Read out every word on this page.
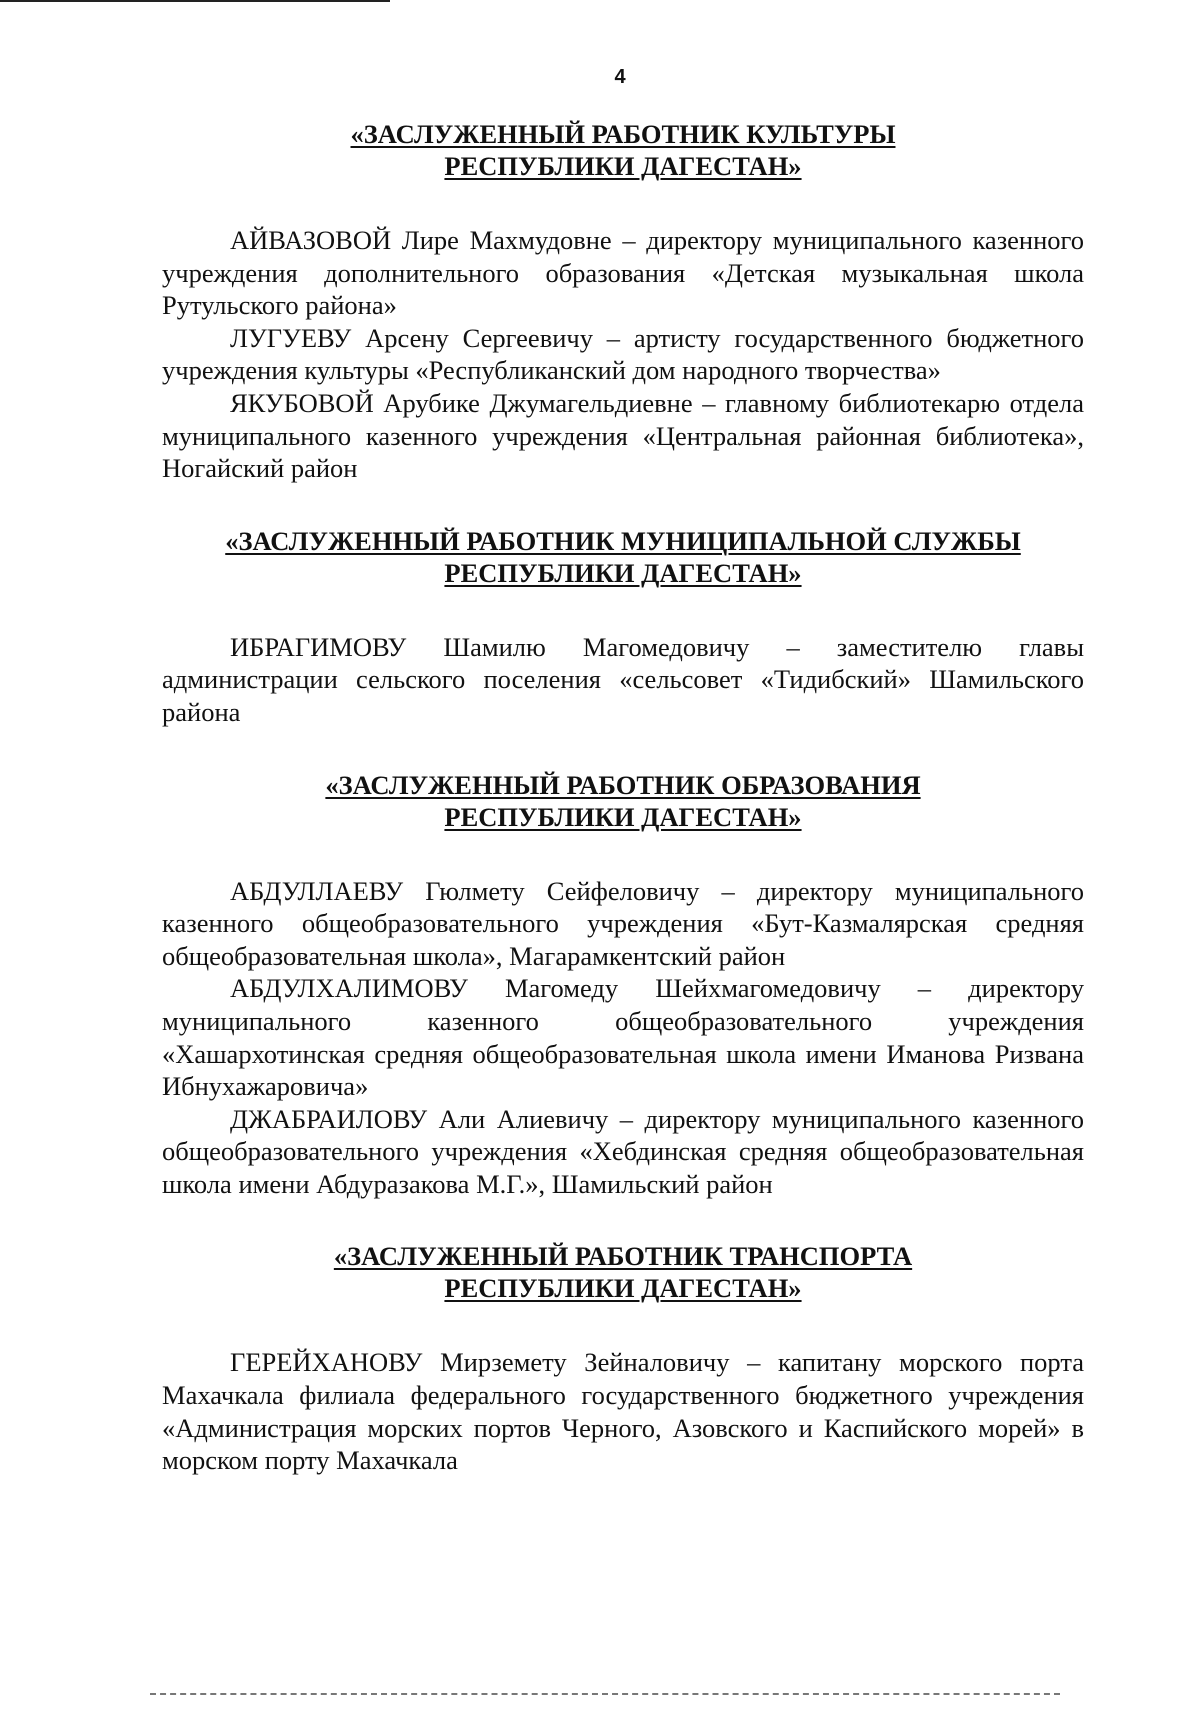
4
«ЗАСЛУЖЕННЫЙ РАБОТНИК КУЛЬТУРЫ
РЕСПУБЛИКИ ДАГЕСТАН»

АЙВАЗОВОЙ Лире Махмудовне – директору муниципального казенного учреждения дополнительного образования «Детская музыкальная школа Рутульского района»

ЛУГУЕВУ Арсену Сергеевичу – артисту государственного бюджетного учреждения культуры «Республиканский дом народного творчества»

ЯКУБОВОЙ Арубике Джумагельдиевне – главному библиотекарю отдела муниципального казенного учреждения «Центральная районная библиотека», Ногайский район

«ЗАСЛУЖЕННЫЙ РАБОТНИК МУНИЦИПАЛЬНОЙ СЛУЖБЫ
РЕСПУБЛИКИ ДАГЕСТАН»

ИБРАГИМОВУ Шамилю Магомедовичу – заместителю главы администрации сельского поселения «сельсовет «Тидибский» Шамильского района

«ЗАСЛУЖЕННЫЙ РАБОТНИК ОБРАЗОВАНИЯ
РЕСПУБЛИКИ ДАГЕСТАН»

АБДУЛЛАЕВУ Гюлмету Сейфеловичу – директору муниципального казенного общеобразовательного учреждения «Бут-Казмалярская средняя общеобразовательная школа», Магарамкентский район

АБДУЛХАЛИМОВУ Магомеду Шейхмагомедовичу – директору муниципального казенного общеобразовательного учреждения «Хашархотинская средняя общеобразовательная школа имени Иманова Ризвана Ибнухажаровича»

ДЖАБРАИЛОВУ Али Алиевичу – директору муниципального казенного общеобразовательного учреждения «Хебдинская средняя общеобразовательная школа имени Абдуразакова М.Г.», Шамильский район

«ЗАСЛУЖЕННЫЙ РАБОТНИК ТРАНСПОРТА
РЕСПУБЛИКИ ДАГЕСТАН»

ГЕРЕЙХАНОВУ Мирземету Зейналовичу – капитану морского порта Махачкала филиала федерального государственного бюджетного учреждения «Администрация морских портов Черного, Азовского и Каспийского морей» в морском порту Махачкала
